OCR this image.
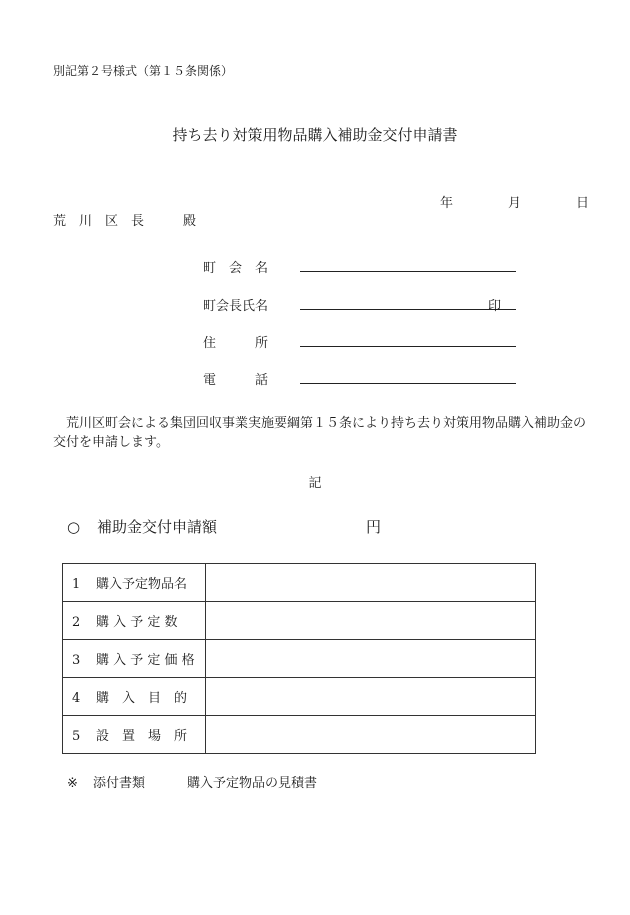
別記第２号様式（第１５条関係）
持ち去り対策用物品購入補助金交付申請書
年	月	日
荒川区長　殿
町　会　名
町会長氏名	印
住　　　所
電　　　話
荒川区町会による集団回収事業実施要綱第１５条により持ち去り対策用物品購入補助金の交付を申請します。
記
○ 補助金交付申請額	円
1 購入予定物品名	
2 購 入 予 定 数	
3 購 入 予 定 価 格	
4 購　入　目　的	
5 設　置　場　所	
※ 添付書類	購入予定物品の見積書
